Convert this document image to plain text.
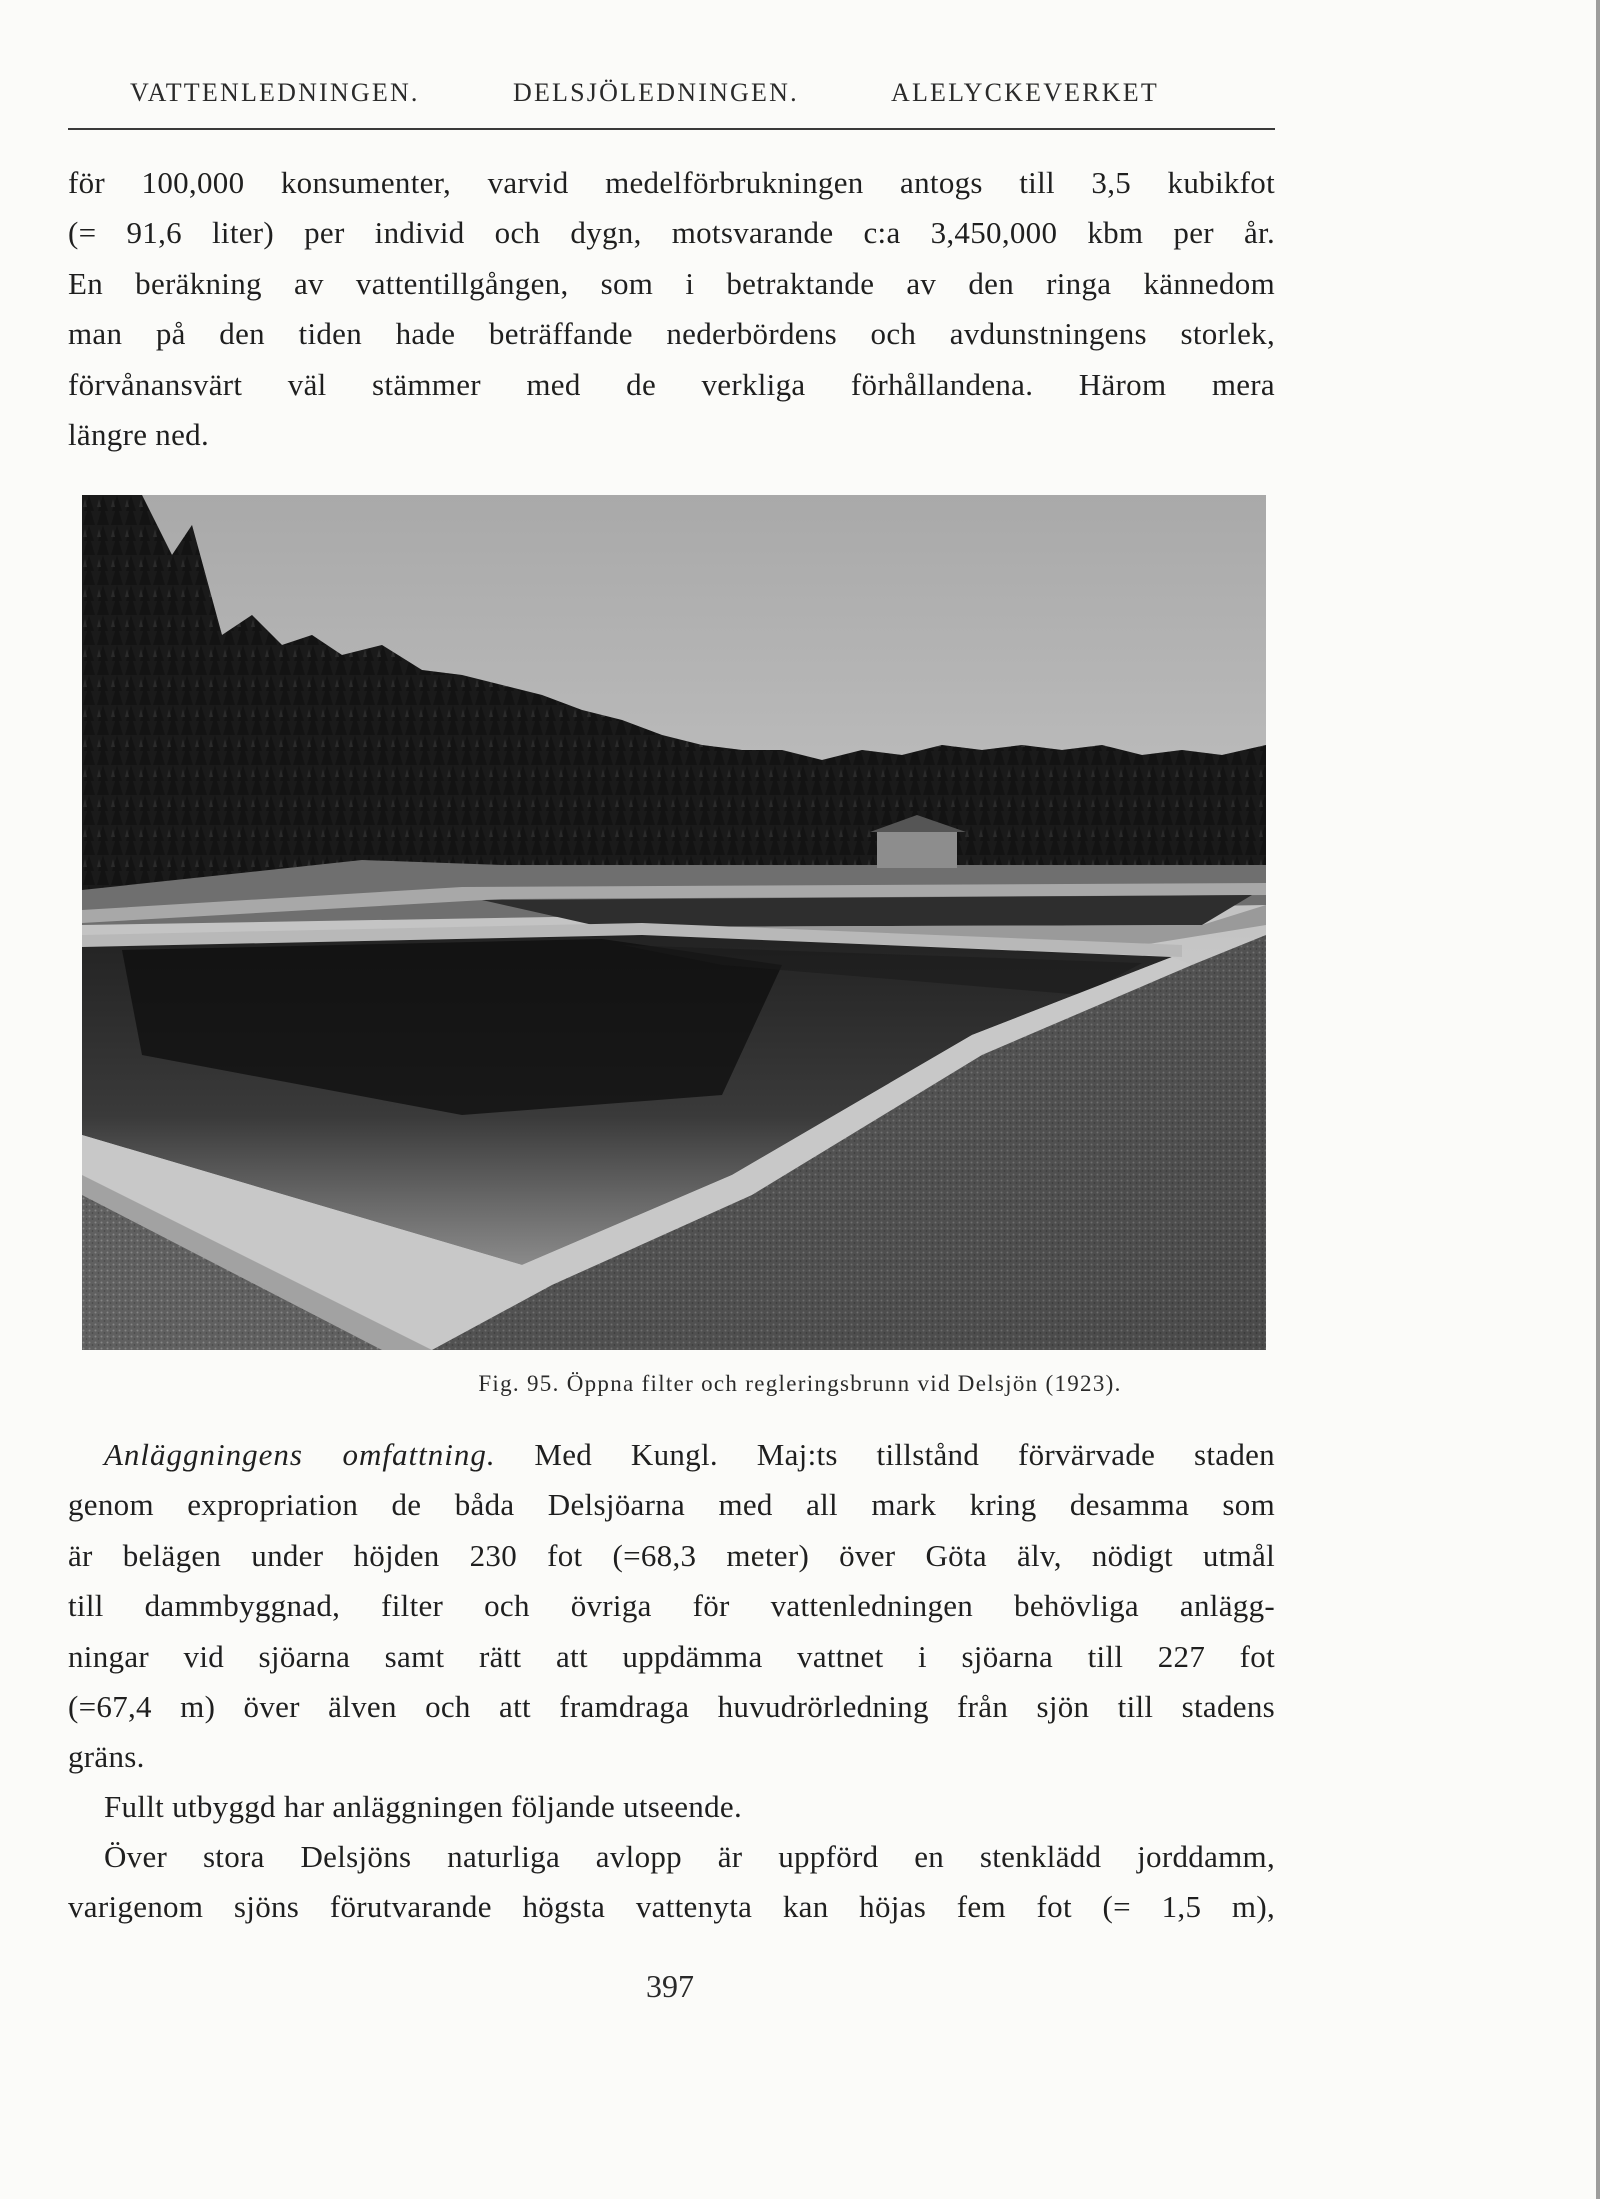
VATTENLEDNINGEN.	DELSJÖLEDNINGEN.	ALELYCKEVERKET
för 100,000 konsumenter, varvid medelförbrukningen antogs till 3,5 kubikfot
(= 91,6 liter) per individ och dygn, motsvarande c:a 3,450,000 kbm per år.
En beräkning av vattentillgången, som i betraktande av den ringa kännedom
man på den tiden hade beträffande nederbördens och avdunstningens storlek,
förvånansvärt väl stämmer med de verkliga förhållandena. Härom mera
längre ned.
Fig. 95. Öppna filter och regleringsbrunn vid Delsjön (1923).
Anläggningens omfattning. Med Kungl. Maj:ts tillstånd förvärvade staden
genom expropriation de båda Delsjöarna med all mark kring desamma som
är belägen under höjden 230 fot (=68,3 meter) över Göta älv, nödigt utmål
till dammbyggnad, filter och övriga för vattenledningen behövliga anlägg-
ningar vid sjöarna samt rätt att uppdämma vattnet i sjöarna till 227 fot
(=67,4 m) över älven och att framdraga huvudrörledning från sjön till stadens
gräns.
Fullt utbyggd har anläggningen följande utseende.
Över stora Delsjöns naturliga avlopp är uppförd en stenklädd jorddamm,
varigenom sjöns förutvarande högsta vattenyta kan höjas fem fot (= 1,5 m),
397
